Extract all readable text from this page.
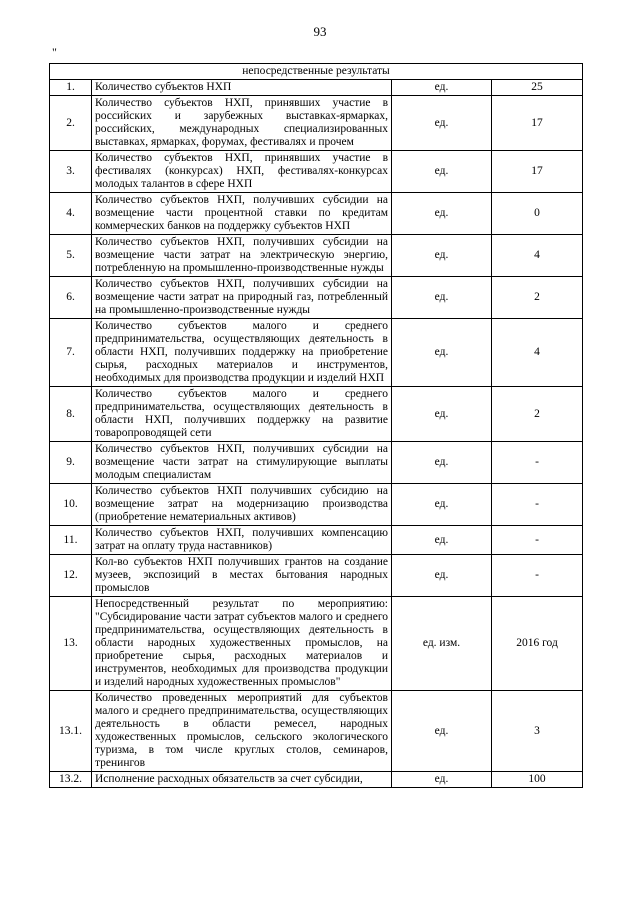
93
"
непосредственные результаты			
1.	Количество субъектов НХП	ед.	25
2.	Количество субъектов НХП, принявших участие в российских и зарубежных выставках-ярмарках, российских, международных специализированных выставках, ярмарках, форумах, фестивалях и прочем	ед.	17
3.	Количество субъектов НХП, принявших участие в фестивалях (конкурсах) НХП, фестивалях-конкурсах молодых талантов в сфере НХП	ед.	17
4.	Количество субъектов НХП, получивших субсидии на возмещение части процентной ставки по кредитам коммерческих банков на поддержку субъектов НХП	ед.	0
5.	Количество субъектов НХП, получивших субсидии на возмещение части затрат на электрическую энергию, потребленную на промышленно-производственные нужды	ед.	4
6.	Количество субъектов НХП, получивших субсидии на возмещение части затрат на природный газ, потребленный на промышленно-производственные нужды	ед.	2
7.	Количество субъектов малого и среднего предпринимательства, осуществляющих деятельность в области НХП, получивших поддержку на приобретение сырья, расходных материалов и инструментов, необходимых для производства продукции и изделий НХП	ед.	4
8.	Количество субъектов малого и среднего предпринимательства, осуществляющих деятельность в области НХП, получивших поддержку на развитие товаропроводящей сети	ед.	2
9.	Количество субъектов НХП, получивших субсидии на возмещение части затрат на стимулирующие выплаты молодым специалистам	ед.	-
10.	Количество субъектов НХП получивших субсидию на возмещение затрат на модернизацию производства (приобретение нематериальных активов)	ед.	-
11.	Количество субъектов НХП, получивших компенсацию затрат на оплату труда наставников)	ед.	-
12.	Кол-во субъектов НХП получивших грантов на создание музеев, экспозиций в местах бытования народных промыслов	ед.	-
13.	Непосредственный результат по мероприятию: "Субсидирование части затрат субъектов малого и среднего предпринимательства, осуществляющих деятельность в области народных художественных промыслов, на приобретение сырья, расходных материалов и инструментов, необходимых для производства продукции и изделий народных художественных промыслов"	ед. изм.	2016 год
13.1.	Количество проведенных мероприятий для субъектов малого и среднего предпринимательства, осуществляющих деятельность в области ремесел, народных художественных промыслов, сельского экологического туризма, в том числе круглых столов, семинаров, тренингов	ед.	3
13.2.	Исполнение расходных обязательств за счет субсидии,	ед.	100
